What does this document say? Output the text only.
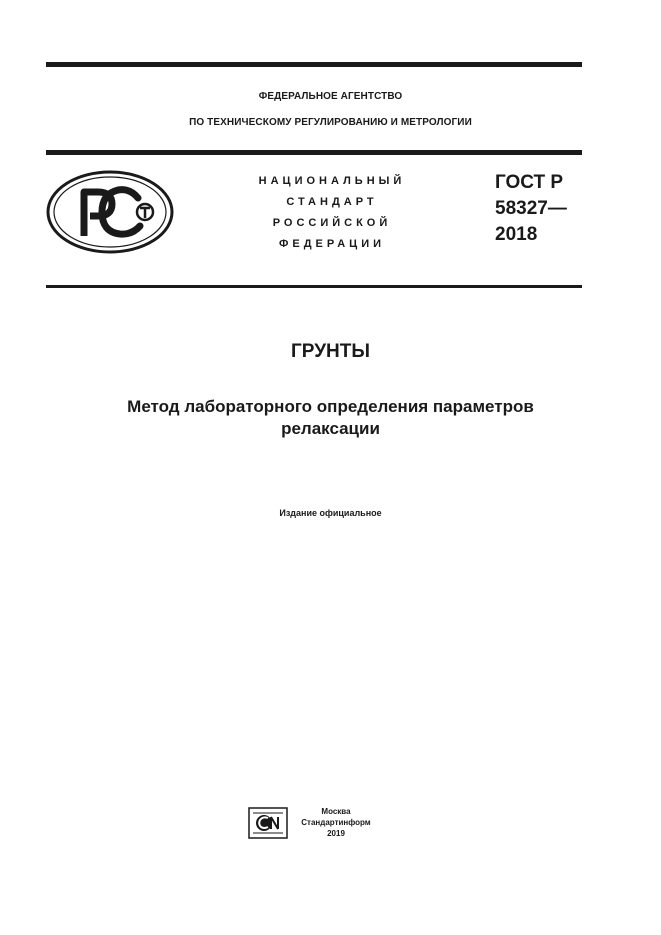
ФЕДЕРАЛЬНОЕ АГЕНТСТВО
ПО ТЕХНИЧЕСКОМУ РЕГУЛИРОВАНИЮ И МЕТРОЛОГИИ
НАЦИОНАЛЬНЫЙ
СТАНДАРТ
РОССИЙСКОЙ
ФЕДЕРАЦИИ
ГОСТ Р
58327—
2018
ГРУНТЫ
Метод лабораторного определения параметров
релаксации
Издание официальное
Москва
Стандартинформ
2019
